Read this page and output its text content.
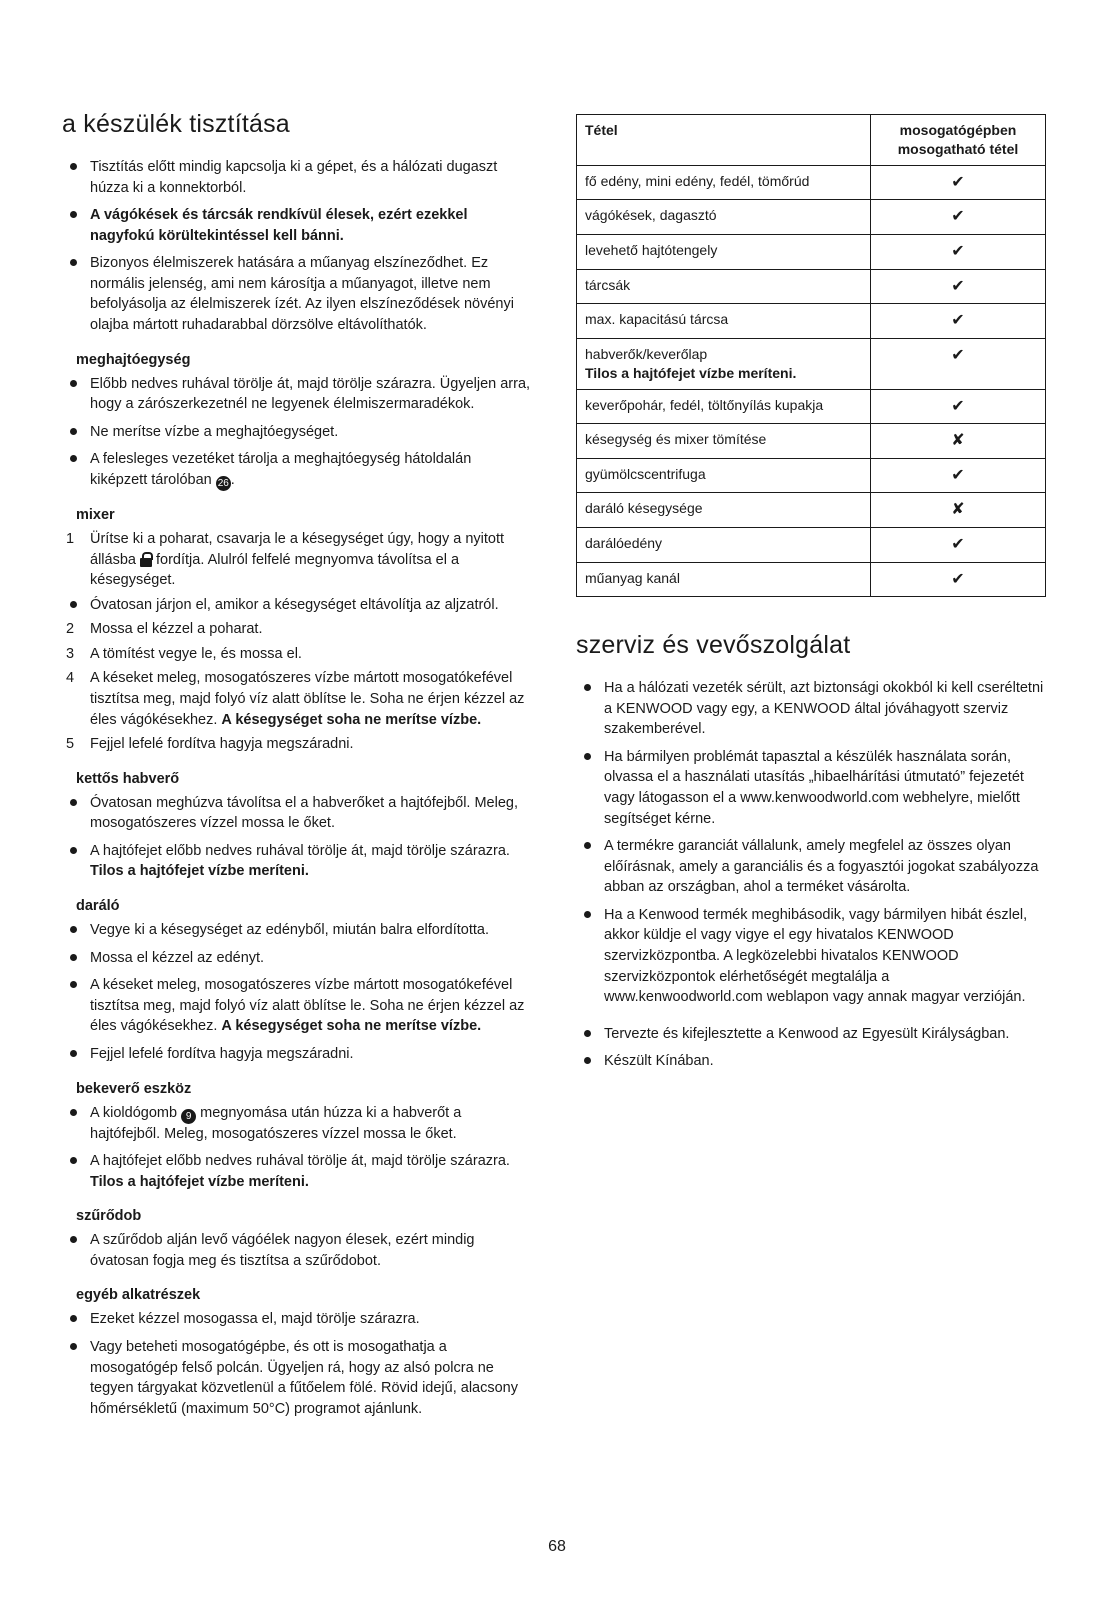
a készülék tisztítása
Tisztítás előtt mindig kapcsolja ki a gépet, és a hálózati dugaszt húzza ki a konnektorból.
A vágókések és tárcsák rendkívül élesek, ezért ezekkel nagyfokú körültekintéssel kell bánni.
Bizonyos élelmiszerek hatására a műanyag elszíneződhet. Ez normális jelenség, ami nem károsítja a műanyagot, illetve nem befolyásolja az élelmiszerek ízét. Az ilyen elszíneződések növényi olajba mártott ruhadarabbal dörzsölve eltávolíthatók.
meghajtóegység
Előbb nedves ruhával törölje át, majd törölje szárazra. Ügyeljen arra, hogy a zárószerkezetnél ne legyenek élelmiszermaradékok.
Ne merítse vízbe a meghajtóegységet.
A felesleges vezetéket tárolja a meghajtóegység hátoldalán kiképzett tárolóban 26 .
mixer
1 Ürítse ki a poharat, csavarja le a késegységet úgy, hogy a nyitott állásba  fordítja. Alulról felfelé megnyomva távolítsa el a késegységet.
Óvatosan járjon el, amikor a késegységet eltávolítja az aljzatról.
2 Mossa el kézzel a poharat.
3 A tömítést vegye le, és mossa el.
4 A késeket meleg, mosogatószeres vízbe mártott mosogatókefével tisztítsa meg, majd folyó víz alatt öblítse le. Soha ne érjen kézzel az éles vágókésekhez. A késegységet soha ne merítse vízbe.
5 Fejjel lefelé fordítva hagyja megszáradni.
kettős habverő
Óvatosan meghúzva távolítsa el a habverőket a hajtófejből. Meleg, mosogatószeres vízzel mossa le őket.
A hajtófejet előbb nedves ruhával törölje át, majd törölje szárazra. Tilos a hajtófejet vízbe meríteni.
daráló
Vegye ki a késegységet az edényből, miután balra elfordította.
Mossa el kézzel az edényt.
A késeket meleg, mosogatószeres vízbe mártott mosogatókefével tisztítsa meg, majd folyó víz alatt öblítse le. Soha ne érjen kézzel az éles vágókésekhez. A késegységet soha ne merítse vízbe.
Fejjel lefelé fordítva hagyja megszáradni.
bekeverő eszköz
A kioldógomb 9 megnyomása után húzza ki a habverőt a hajtófejből. Meleg, mosogatószeres vízzel mossa le őket.
A hajtófejet előbb nedves ruhával törölje át, majd törölje szárazra. Tilos a hajtófejet vízbe meríteni.
szűrődob
A szűrődob alján levő vágóélek nagyon élesek, ezért mindig óvatosan fogja meg és tisztítsa a szűrődobot.
egyéb alkatrészek
Ezeket kézzel mosogassa el, majd törölje szárazra.
Vagy beteheti mosogatógépbe, és ott is mosogathatja a mosogatógép felső polcán. Ügyeljen rá, hogy az alsó polcra ne tegyen tárgyakat közvetlenül a fűtőelem fölé. Rövid idejű, alacsony hőmérsékletű (maximum 50°C) programot ajánlunk.
Tétel	mosogatógépben mosogatható tétel
fő edény, mini edény, fedél, tömőrúd	✔
vágókések, dagasztó	✔
levehető hajtótengely	✔
tárcsák	✔
max. kapacitású tárcsa	✔
habverők/keverőlap
Tilos a hajtófejet vízbe meríteni.	✔
keverőpohár, fedél, töltőnyílás kupakja	✔
késegység és mixer tömítése	✘
gyümölcscentrifuga	✔
daráló késegysége	✘
darálóedény	✔
műanyag kanál	✔
szerviz és vevőszolgálat
Ha a hálózati vezeték sérült, azt biztonsági okokból ki kell cseréltetni a KENWOOD vagy egy, a KENWOOD által jóváhagyott szerviz szakemberével.
Ha bármilyen problémát tapasztal a készülék használata során, olvassa el a használati utasítás „hibaelhárítási útmutató” fejezetét vagy látogasson el a www.kenwoodworld.com webhelyre, mielőtt segítséget kérne.
A termékre garanciát vállalunk, amely megfelel az összes olyan előírásnak, amely a garanciális és a fogyasztói jogokat szabályozza abban az országban, ahol a terméket vásárolta.
Ha a Kenwood termék meghibásodik, vagy bármilyen hibát észlel, akkor küldje el vagy vigye el egy hivatalos KENWOOD szervizközpontba. A legközelebbi hivatalos KENWOOD szervizközpontok elérhetőségét megtalálja a www.kenwoodworld.com weblapon vagy annak magyar verzióján.
Tervezte és kifejlesztette a Kenwood az Egyesült Királyságban.
Készült Kínában.
68
